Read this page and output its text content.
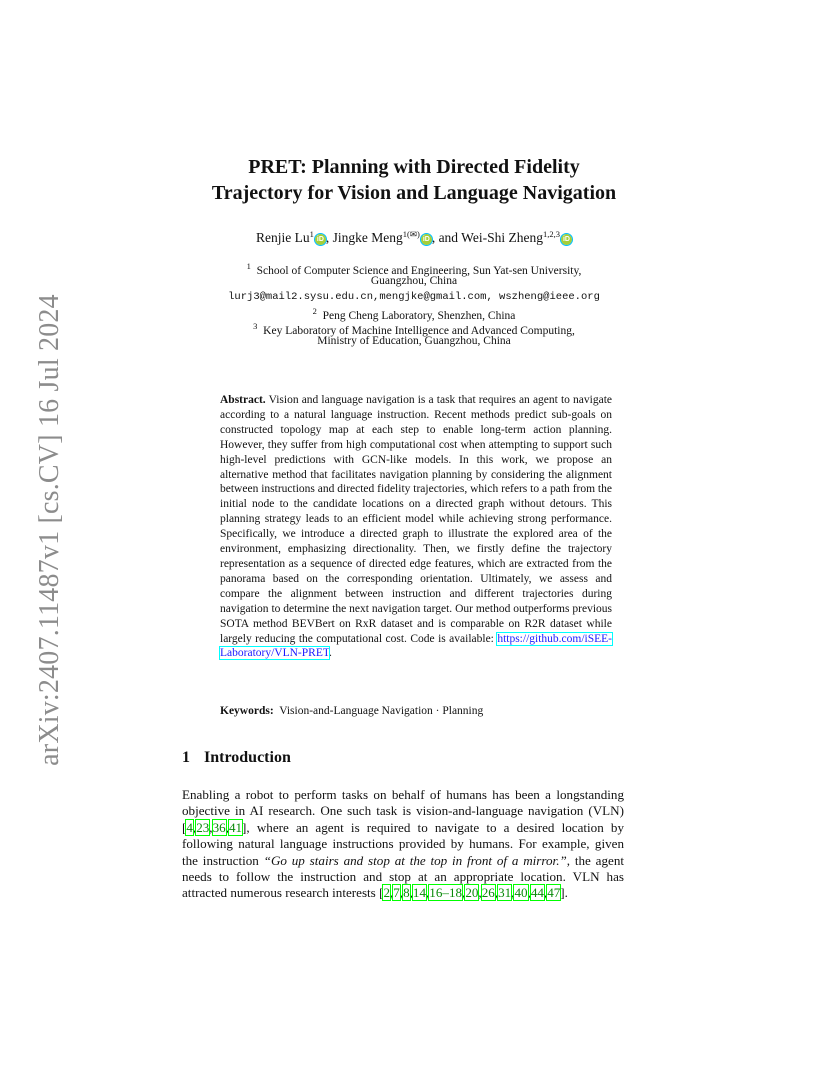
arXiv:2407.11487v1 [cs.CV] 16 Jul 2024
PRET: Planning with Directed Fidelity
Trajectory for Vision and Language Navigation
Renjie Lu$^1$iD , Jingke Meng$^{1(✉)}$iD , and Wei-Shi Zheng$^{1,2,3}$iD
$^1$ School of Computer Science and Engineering, Sun Yat-sen University,
Guangzhou, China
lurj3@mail2.sysu.edu.cn,mengjke@gmail.com, wszheng@ieee.org
$^2$ Peng Cheng Laboratory, Shenzhen, China
$^3$ Key Laboratory of Machine Intelligence and Advanced Computing,
Ministry of Education, Guangzhou, China
Abstract. Vision and language navigation is a task that requires an agent to navigate according to a natural language instruction. Recent methods predict sub-goals on constructed topology map at each step to enable long-term action planning. However, they suffer from high computational cost when attempting to support such high-level predictions with GCN-like models. In this work, we propose an alternative method that facilitates navigation planning by considering the alignment between instructions and directed fidelity trajectories, which refers to a path from the initial node to the candidate locations on a directed graph without detours. This planning strategy leads to an efficient model while achieving strong performance. Specifically, we introduce a directed graph to illustrate the explored area of the environment, emphasizing directionality. Then, we firstly define the trajectory representation as a sequence of directed edge features, which are extracted from the panorama based on the corresponding orientation. Ultimately, we assess and compare the alignment between instruction and different trajectories during navigation to determine the next navigation target. Our method outperforms previous SOTA method BEVBert on RxR dataset and is comparable on R2R dataset while largely reducing the computational cost. Code is available: https://github.com/iSEE-Laboratory/VLN-PRET.
Keywords: Vision-and-Language Navigation · Planning
1 Introduction
Enabling a robot to perform tasks on behalf of humans has been a longstanding objective in AI research. One such task is vision-and-language navigation (VLN) [4,23,36,41], where an agent is required to navigate to a desired location by following natural language instructions provided by humans. For example, given the instruction “Go up stairs and stop at the top in front of a mirror.”, the agent needs to follow the instruction and stop at an appropriate location. VLN has attracted numerous research interests [2,7,8,14,16–18,20,26,31,40,44,47].
